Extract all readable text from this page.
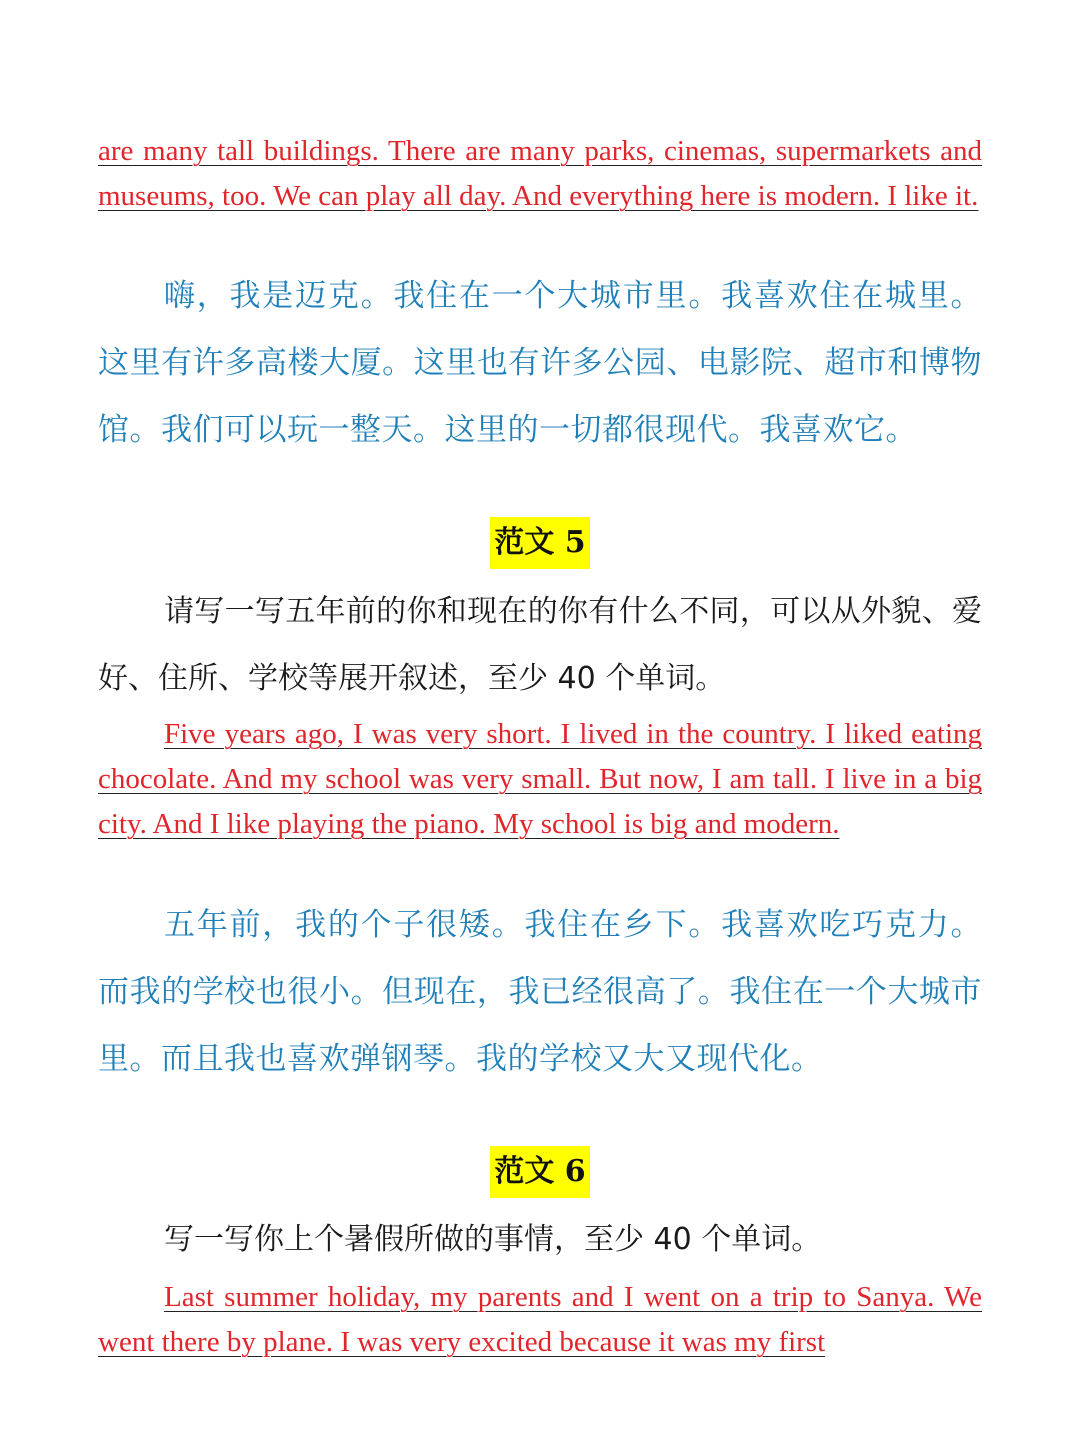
are many tall buildings. There are many parks, cinemas, supermarkets and museums, too. We can play all day. And everything here is modern. I like it.

嗨，我是迈克。我住在一个大城市里。我喜欢住在城里。这里有许多高楼大厦。这里也有许多公园、电影院、超市和博物馆。我们可以玩一整天。这里的一切都很现代。我喜欢它。

范文 5

请写一写五年前的你和现在的你有什么不同，可以从外貌、爱好、住所、学校等展开叙述，至少 40 个单词。

Five years ago, I was very short. I lived in the country. I liked eating chocolate. And my school was very small. But now, I am tall. I live in a big city. And I like playing the piano. My school is big and modern.

五年前，我的个子很矮。我住在乡下。我喜欢吃巧克力。而我的学校也很小。但现在，我已经很高了。我住在一个大城市里。而且我也喜欢弹钢琴。我的学校又大又现代化。

范文 6

写一写你上个暑假所做的事情，至少 40 个单词。

Last summer holiday, my parents and I went on a trip to Sanya. We went there by plane. I was very excited because it was my first
